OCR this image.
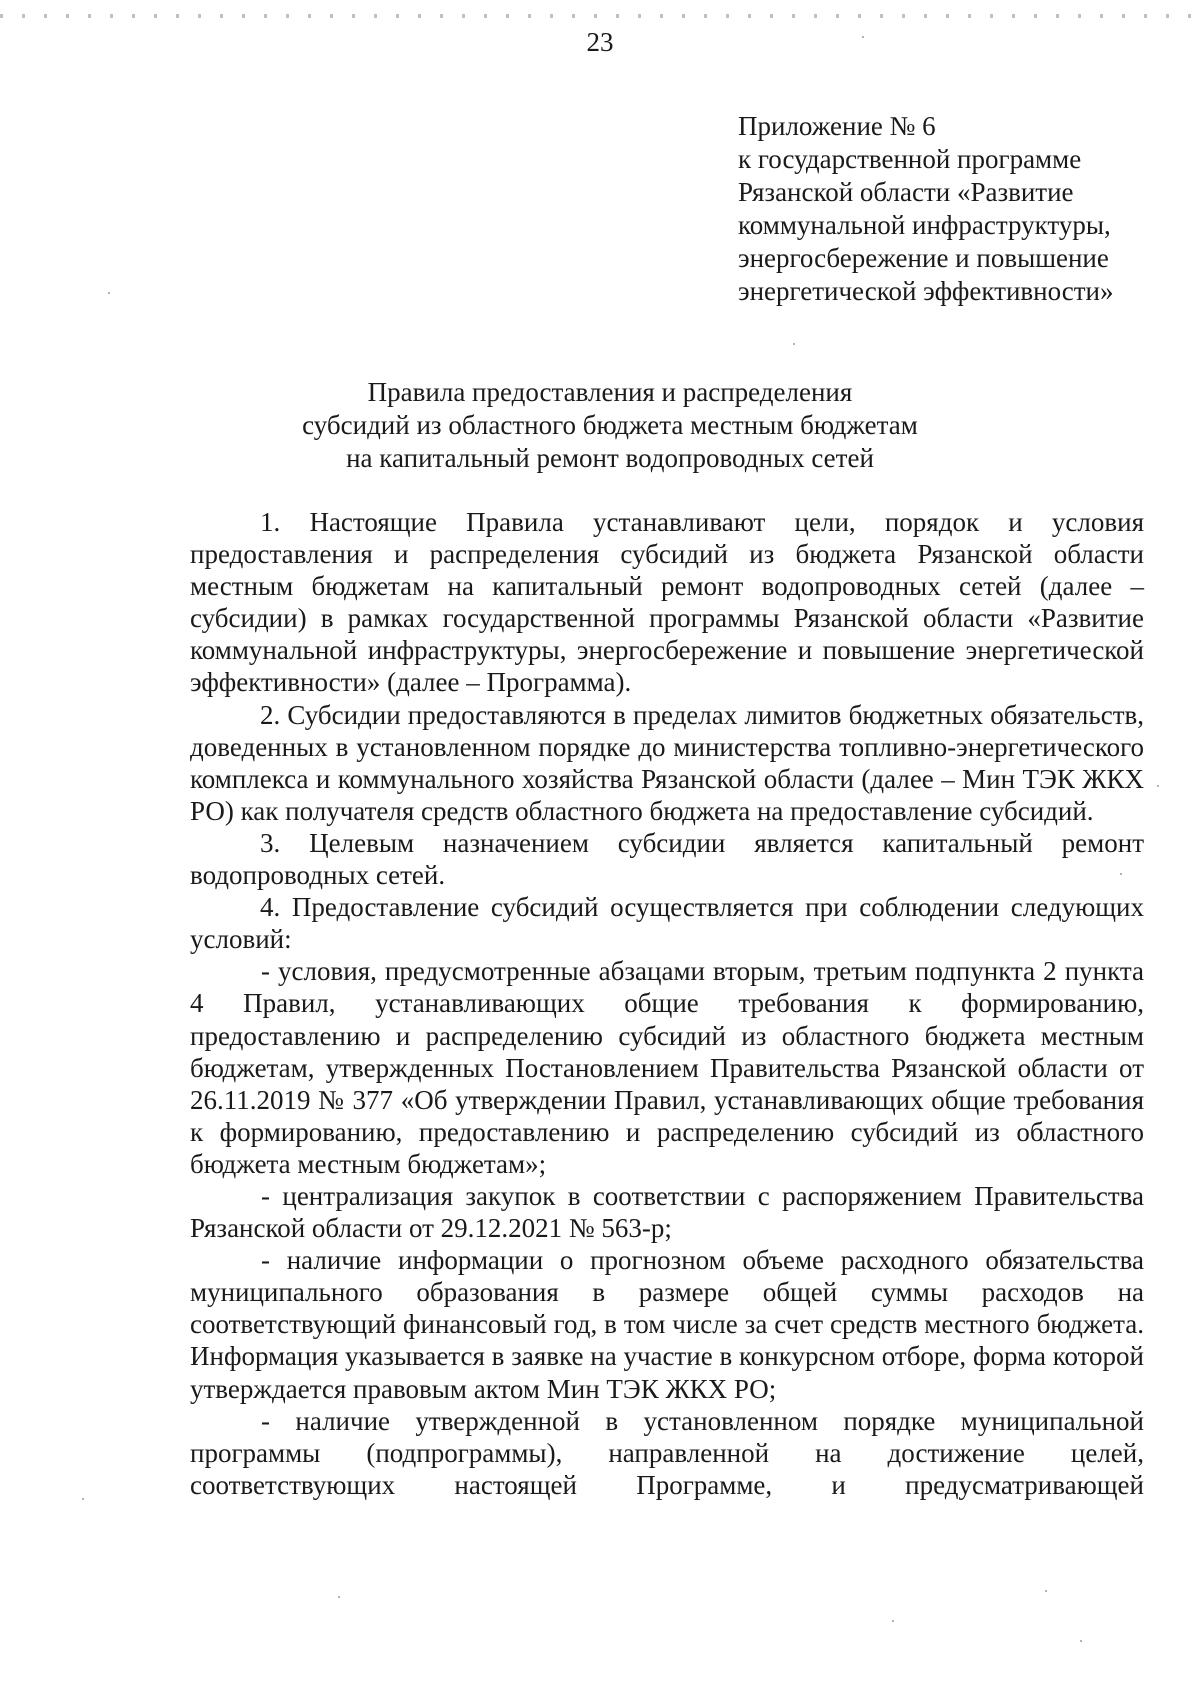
23
Приложение № 6
к государственной программе
Рязанской области «Развитие
коммунальной инфраструктуры,
энергосбережение и повышение
энергетической эффективности»
Правила предоставления и распределения
субсидий из областного бюджета местным бюджетам
на капитальный ремонт водопроводных сетей

1. Настоящие Правила устанавливают цели, порядок и условия предоставления и распределения субсидий из бюджета Рязанской области местным бюджетам на капитальный ремонт водопроводных сетей (далее – субсидии) в рамках государственной программы Рязанской области «Развитие коммунальной инфраструктуры, энергосбережение и повышение энергетической эффективности» (далее – Программа).

2. Субсидии предоставляются в пределах лимитов бюджетных обязательств, доведенных в установленном порядке до министерства топливно-энергетического комплекса и коммунального хозяйства Рязанской области (далее – Мин ТЭК ЖКХ РО) как получателя средств областного бюджета на предоставление субсидий.

3. Целевым назначением субсидии является капитальный ремонт водопроводных сетей.

4. Предоставление субсидий осуществляется при соблюдении следующих условий:

- условия, предусмотренные абзацами вторым, третьим подпункта 2 пункта 4 Правил, устанавливающих общие требования к формированию, предоставлению и распределению субсидий из областного бюджета местным бюджетам, утвержденных Постановлением Правительства Рязанской области от 26.11.2019 № 377 «Об утверждении Правил, устанавливающих общие требования к формированию, предоставлению и распределению субсидий из областного бюджета местным бюджетам»;

- централизация закупок в соответствии с распоряжением Правительства Рязанской области от 29.12.2021 № 563-р;

- наличие информации о прогнозном объеме расходного обязательства муниципального образования в размере общей суммы расходов на соответствующий финансовый год, в том числе за счет средств местного бюджета. Информация указывается в заявке на участие в конкурсном отборе, форма которой утверждается правовым актом Мин ТЭК ЖКХ РО;

- наличие утвержденной в установленном порядке муниципальной программы (подпрограммы), направленной на достижение целей, соответствующих настоящей Программе, и предусматривающей
